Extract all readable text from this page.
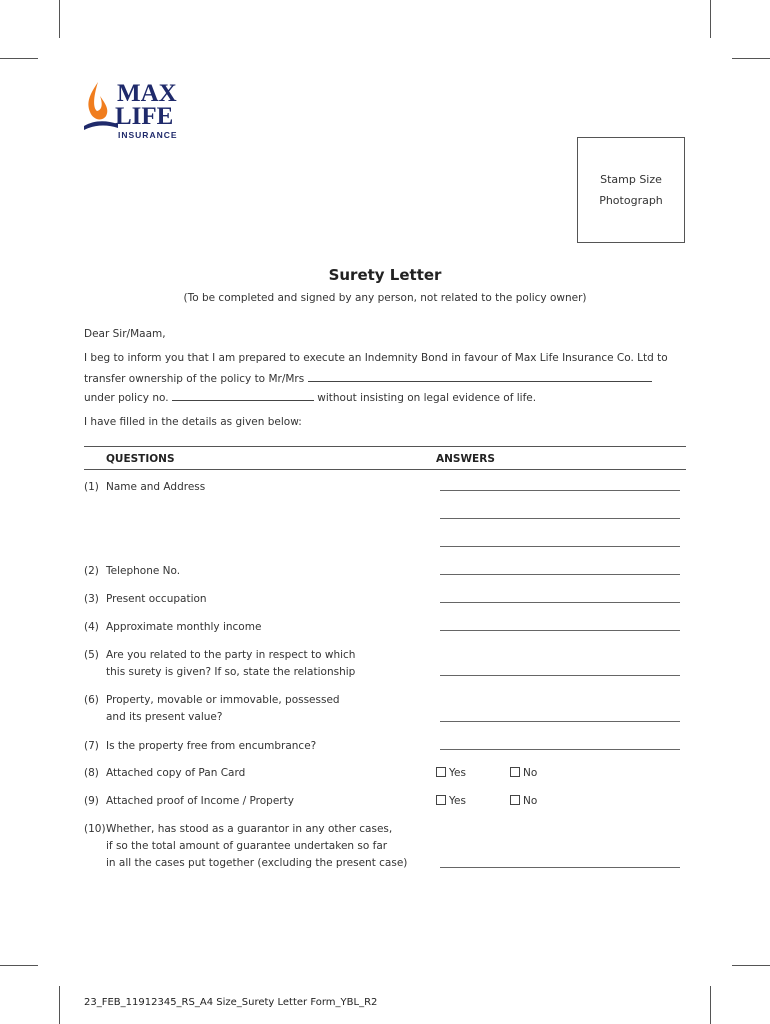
MAX
LIFE
INSURANCE
Stamp Size
Photograph
Surety Letter
(To be completed and signed by any person, not related to the policy owner)
Dear Sir/Maam,
I beg to inform you that I am prepared to execute an Indemnity Bond in favour of Max Life Insurance Co. Ltd to
transfer ownership of the policy to Mr/Mrs
under policy no.	without insisting on legal evidence of life.
I have filled in the details as given below:
QUESTIONS	ANSWERS
(1) Name and Address
(2) Telephone No.
(3) Present occupation
(4) Approximate monthly income
(5) Are you related to the party in respect to which
this surety is given? If so, state the relationship
(6) Property, movable or immovable, possessed
and its present value?
(7) Is the property free from encumbrance?
(8) Attached copy of Pan Card	Yes	No
(9) Attached proof of Income / Property	Yes	No
(10) Whether, has stood as a guarantor in any other cases,
if so the total amount of guarantee undertaken so far
in all the cases put together (excluding the present case)
23_FEB_11912345_RS_A4 Size_Surety Letter Form_YBL_R2
